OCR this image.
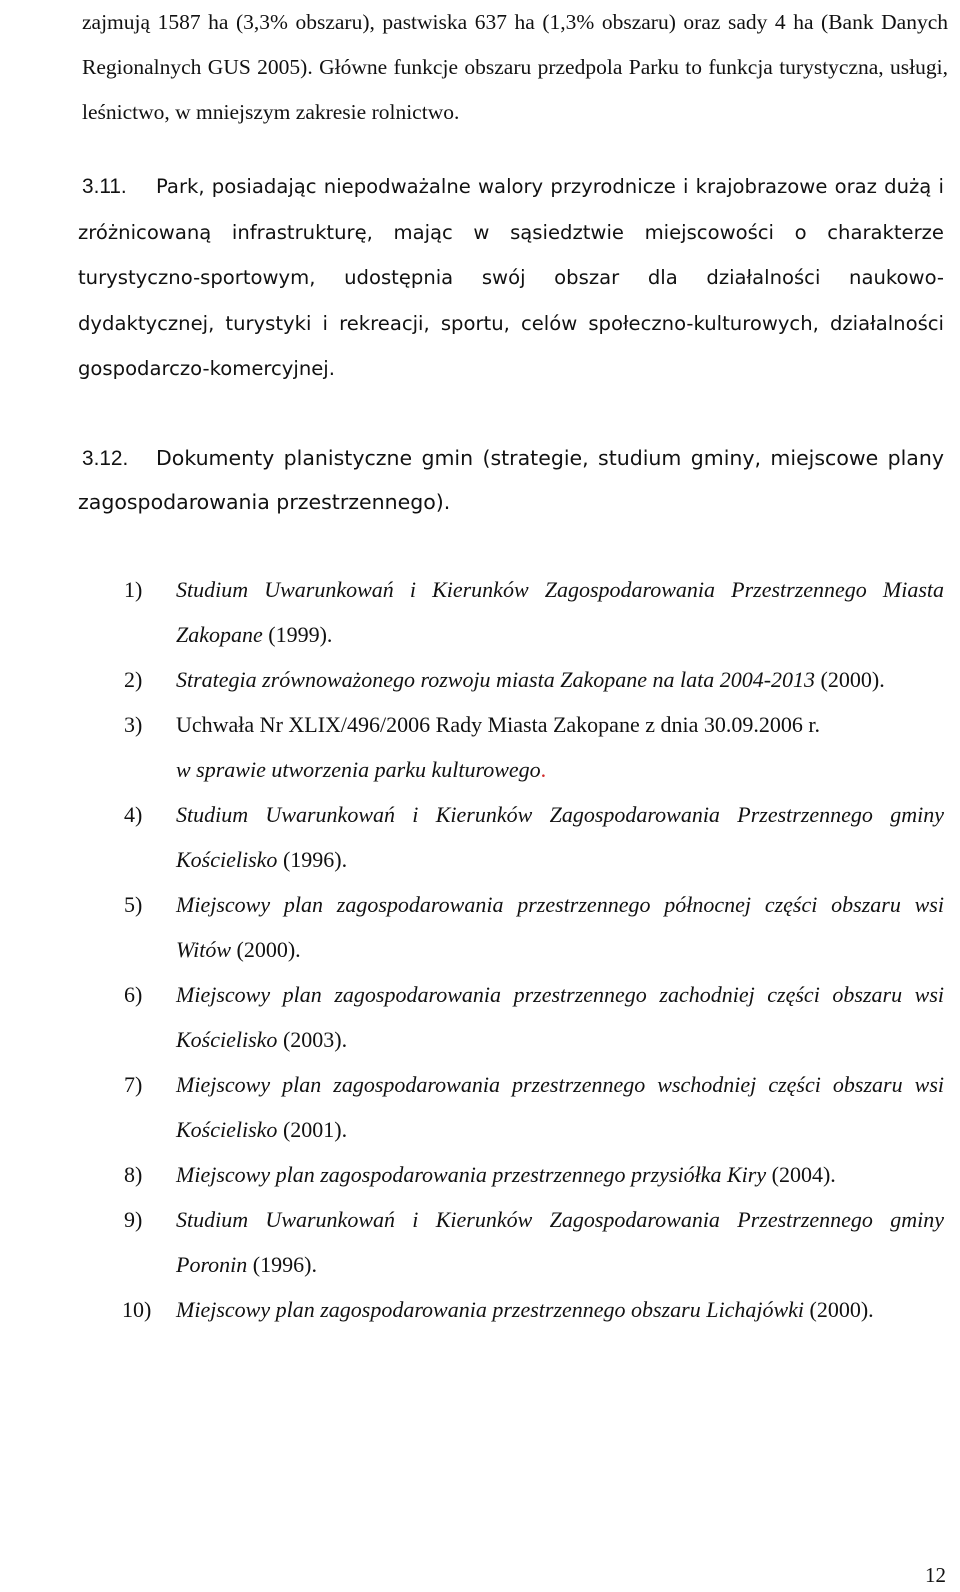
zajmują 1587 ha (3,3% obszaru), pastwiska 637 ha (1,3% obszaru) oraz sady 4 ha (Bank Danych Regionalnych GUS 2005). Główne funkcje obszaru przedpola Parku to funkcja turystyczna, usługi, leśnictwo, w mniejszym zakresie rolnictwo.

3.11.	Park, posiadając niepodważalne walory przyrodnicze i krajobrazowe oraz dużą i zróżnicowaną infrastrukturę, mając w sąsiedztwie miejscowości o charakterze turystyczno-sportowym, udostępnia swój obszar dla działalności naukowo-dydaktycznej, turystyki i rekreacji, sportu, celów społeczno-kulturowych, działalności gospodarczo-komercyjnej.

3.12.	Dokumenty planistyczne gmin (strategie, studium gminy, miejscowe plany zagospodarowania przestrzennego).

1) Studium Uwarunkowań i Kierunków Zagospodarowania Przestrzennego Miasta Zakopane (1999).
2) Strategia zrównoważonego rozwoju miasta Zakopane na lata 2004-2013 (2000).
3) Uchwała Nr XLIX/496/2006 Rady Miasta Zakopane z dnia 30.09.2006 r.
w sprawie utworzenia parku kulturowego.
4) Studium Uwarunkowań i Kierunków Zagospodarowania Przestrzennego gminy Kościelisko (1996).
5) Miejscowy plan zagospodarowania przestrzennego północnej części obszaru wsi Witów (2000).
6) Miejscowy plan zagospodarowania przestrzennego zachodniej części obszaru wsi Kościelisko (2003).
7) Miejscowy plan zagospodarowania przestrzennego wschodniej części obszaru wsi Kościelisko (2001).
8) Miejscowy plan zagospodarowania przestrzennego przysiółka Kiry (2004).
9) Studium Uwarunkowań i Kierunków Zagospodarowania Przestrzennego gminy Poronin (1996).
10) Miejscowy plan zagospodarowania przestrzennego obszaru Lichajówki (2000).
12
